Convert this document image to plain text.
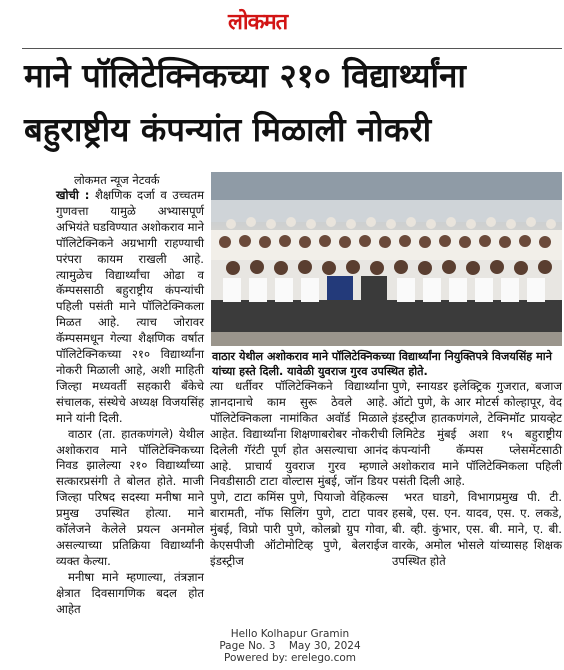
लोकमत
माने पॉलिटेक्निकच्या २१० विद्यार्थ्यांना
बहुराष्ट्रीय कंपन्यांत मिळाली नोकरी
लोकमत न्यूज नेटवर्क

खोची : शैक्षणिक दर्जा व उच्चतम गुणवत्ता यामुळे अभ्यासपूर्ण अभियंते घडविण्यात अशोकराव माने पॉलिटेक्निकने अग्रभागी राहण्याची परंपरा कायम राखली आहे. त्यामुळेच विद्यार्थ्यांचा ओढा व कॅम्पससाठी बहुराष्ट्रीय कंपन्यांची पहिली पसंती माने पॉलिटेक्निकला मिळत आहे. त्याच जोरावर कॅम्पसमधून गेल्या शैक्षणिक वर्षात पॉलिटेक्निकच्या २१० विद्यार्थ्यांना नोकरी मिळाली आहे, अशी माहिती जिल्हा मध्यवर्ती सहकारी बँकेचे संचालक, संस्थेचे अध्यक्ष विजयसिंह माने यांनी दिली.

वाठार (ता. हातकणंगले) येथील अशोकराव माने पॉलिटेक्निकच्या निवड झालेल्या २१० विद्यार्थ्यांच्या सत्कारप्रसंगी ते बोलत होते. माजी जिल्हा परिषद सदस्या मनीषा माने प्रमुख उपस्थित होत्या. माने कॉलेजने केलेले प्रयत्न अनमोल असल्याच्या प्रतिक्रिया विद्यार्थ्यांनी व्यक्त केल्या.

मनीषा माने म्हणाल्या, तंत्रज्ञान क्षेत्रात दिवसागणिक बदल होत आहेत

वाठार येथील अशोकराव माने पॉलिटेक्निकच्या विद्यार्थ्यांना नियुक्तिपत्रे विजयसिंह माने यांच्या हस्ते दिली. यावेळी युवराज गुरव उपस्थित होते.

त्या धर्तीवर पॉलिटेक्निकने विद्यार्थ्यांना ज्ञानदानाचे काम सुरू ठेवले आहे. पॉलिटेक्निकला नामांकित अवॉर्ड मिळाले आहेत. विद्यार्थ्यांना शिक्षणाबरोबर नोकरीची दिलेली गॅरंटी पूर्ण होत असल्याचा आनंद आहे. प्राचार्य युवराज गुरव म्हणाले निवडीसाठी टाटा वोल्टास मुंबई, जॉन डियर पुणे, टाटा कमिंस पुणे, पियाजो वेहिकल्स बारामती, नॉफ सिलिंग पुणे, टाटा पावर मुंबई, विप्रो पारी पुणे, कोलब्रो ग्रुप गोवा, केएसपीजी ऑटोमोटिव्ह पुणे, बेलराईज इंडस्ट्रीज

पुणे, स्नायडर इलेक्ट्रिक गुजरात, बजाज ऑटो पुणे, के आर मोटर्स कोल्हापूर, वेद इंडस्ट्रीज हातकणंगले, टेक्निमॉट प्रायव्हेट लिमिटेड मुंबई अशा १५ बहुराष्ट्रीय कंपन्यांनी कॅम्पस प्लेसमेंटसाठी अशोकराव माने पॉलिटेक्निकला पहिली पसंती दिली आहे.

भरत घाडगे, विभागप्रमुख पी. टी. हसबे, एस. एन. यादव, एस. ए. लकडे, बी. व्ही. कुंभार, एस. बी. माने, ए. बी. वारके, अमोल भोसले यांच्यासह शिक्षक उपस्थित होते

Hello Kolhapur Gramin
Page No. 3    May 30, 2024
Powered by: erelego.com
